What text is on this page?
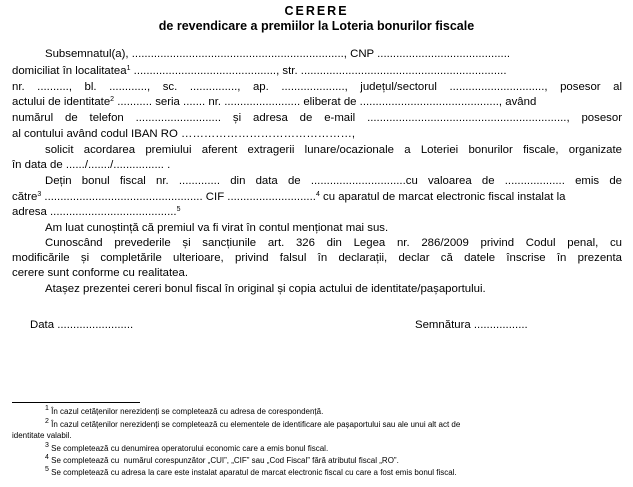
CERERE
de revendicare a premiilor la Loteria bonurilor fiscale
Subsemnatul(a), ..................................................................., CNP ..........................................
domiciliat în localitatea$^1$ ............................................., str. .................................................................
nr. .........., bl. ............, sc. ..............., ap. ...................., județul/sectorul .............................., posesor al
actului de identitate$^2$ ........... seria ....... nr. ........................ eliberat de ............................................, având
numărul de telefon ........................... și adresa de e-mail ..............................................................., posesor
al contului având codul IBAN RO ………………………………………,
solicit acordarea premiului aferent extragerii lunare/ocazionale a Loteriei bonurilor fiscale, organizate
în data de ....../......./................ .
Dețin bonul fiscal nr. ............. din data de ..............................cu valoarea de ................... emis de
către$^3$ .................................................. CIF ............................$^4$ cu aparatul de marcat electronic fiscal instalat la
adresa ........................................$^5$
Am luat cunoștință că premiul va fi virat în contul menționat mai sus.
Cunoscând prevederile și sancțiunile art. 326 din Legea nr. 286/2009 privind Codul penal, cu
modificările și completările ulterioare, privind falsul în declarații, declar că datele înscrise în prezenta
cerere sunt conforme cu realitatea.
Atașez prezentei cereri bonul fiscal în original și copia actului de identitate/pașaportului.
Data ........................	Semnătura .................
1 În cazul cetățenilor nerezidenți se completează cu adresa de corespondență.
2 În cazul cetățenilor nerezidenți se completează cu elementele de identificare ale pașaportului sau ale unui alt act de
identitate valabil.
3 Se completează cu denumirea operatorului economic care a emis bonul fiscal.
4 Se completează cu  numărul corespunzător „CUI”, „CIF” sau „Cod Fiscal” fără atributul fiscal „RO”.
5 Se completează cu adresa la care este instalat aparatul de marcat electronic fiscal cu care a fost emis bonul fiscal.
